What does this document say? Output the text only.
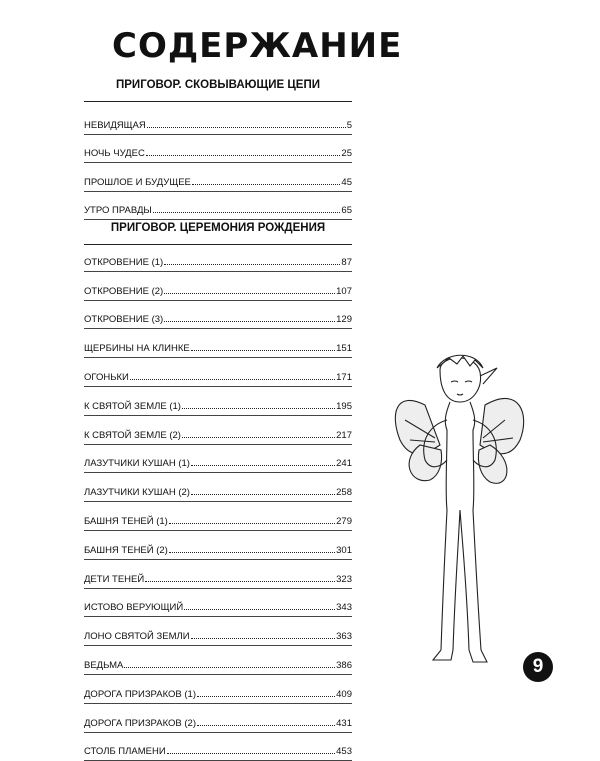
СОДЕРЖАНИЕ
ПРИГОВОР. СКОВЫВАЮЩИЕ ЦЕПИ
НЕВИДЯЩАЯ	5
НОЧЬ ЧУДЕС	25
ПРОШЛОЕ И БУДУЩЕЕ	45
УТРО ПРАВДЫ	65
ПРИГОВОР. ЦЕРЕМОНИЯ РОЖДЕНИЯ
ОТКРОВЕНИЕ (1)	87
ОТКРОВЕНИЕ (2)	107
ОТКРОВЕНИЕ (3)	129
ЩЕРБИНЫ НА КЛИНКЕ	151
ОГОНЬКИ	171
К СВЯТОЙ ЗЕМЛЕ (1)	195
К СВЯТОЙ ЗЕМЛЕ (2)	217
ЛАЗУТЧИКИ КУШАН (1)	241
ЛАЗУТЧИКИ КУШАН (2)	258
БАШНЯ ТЕНЕЙ (1)	279
БАШНЯ ТЕНЕЙ (2)	301
ДЕТИ ТЕНЕЙ	323
ИСТОВО ВЕРУЮЩИЙ	343
ЛОНО СВЯТОЙ ЗЕМЛИ	363
ВЕДЬМА	386
ДОРОГА ПРИЗРАКОВ (1)	409
ДОРОГА ПРИЗРАКОВ (2)	431
СТОЛБ ПЛАМЕНИ	453
9
